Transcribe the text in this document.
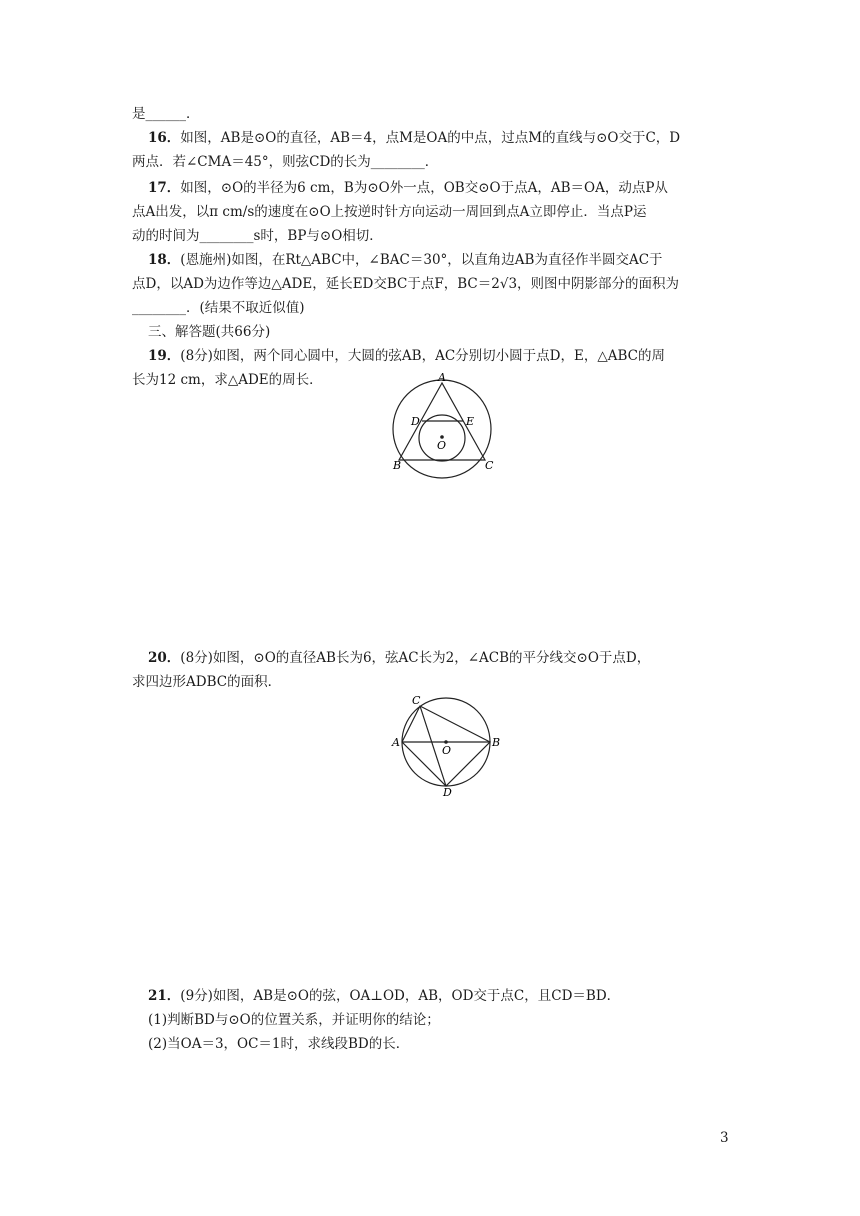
是______．
16．如图，AB是⊙O的直径，AB＝4，点M是OA的中点，过点M的直线与⊙O交于C，D
两点．若∠CMA＝45°，则弦CD的长为________．
17．如图，⊙O的半径为6 cm，B为⊙O外一点，OB交⊙O于点A，AB＝OA，动点P从
点A出发，以π cm/s的速度在⊙O上按逆时针方向运动一周回到点A立即停止．当点P运
动的时间为________s时，BP与⊙O相切．
18．(恩施州)如图，在Rt△ABC中，∠BAC＝30°，以直角边AB为直径作半圆交AC于
点D，以AD为边作等边△ADE，延长ED交BC于点F，BC＝2√3，则图中阴影部分的面积为
________．(结果不取近似值)
三、解答题(共66分)
19．(8分)如图，两个同心圆中，大圆的弦AB，AC分别切小圆于点D，E，△ABC的周
长为12 cm，求△ADE的周长．	A
B	C
D	E
O
20．(8分)如图，⊙O的直径AB长为6，弦AC长为2，∠ACB的平分线交⊙O于点D，
求四边形ADBC的面积．
C
A	B
O
D
21．(9分)如图，AB是⊙O的弦，OA⊥OD，AB，OD交于点C，且CD＝BD．
(1)判断BD与⊙O的位置关系，并证明你的结论；
(2)当OA＝3，OC＝1时，求线段BD的长．
3
